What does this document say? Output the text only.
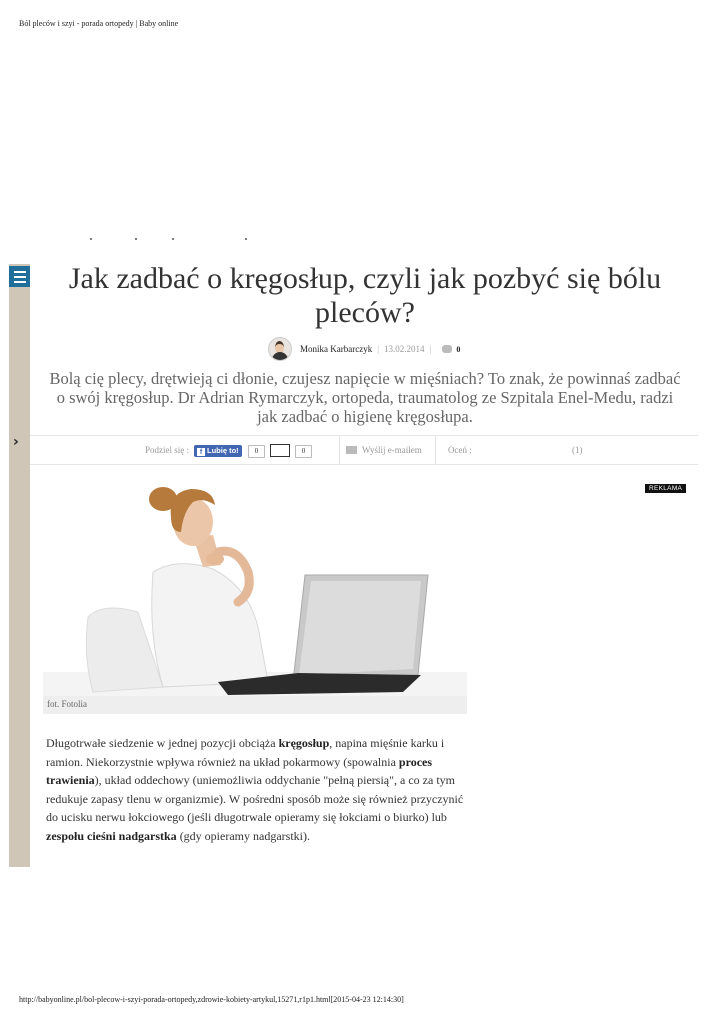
Ból pleców i szyi - porada ortopedy | Baby online
›
Jak zadbać o kręgosłup, czyli jak pozbyć się bólu pleców?
Monika Karbarczyk | 13.02.2014 |	0

Bolą cię plecy, drętwieją ci dłonie, czujesz napięcie w mięśniach? To znak, że powinnaś zadbać o swój kręgosłup. Dr Adrian Rymarczyk, ortopeda, traumatolog ze Szpitala Enel-Medu, radzi jak zadbać o higienę kręgosłupa.

Podziel się :	f Lubię to!	0	0	Wyślij e-mailem	Oceń :	(1)
REKLAMA
fot. Fotolia

Długotrwałe siedzenie w jednej pozycji obciąża kręgosłup, napina mięśnie karku i ramion. Niekorzystnie wpływa również na układ pokarmowy (spowalnia proces trawienia), układ oddechowy (uniemożliwia oddychanie "pełną piersią", a co za tym redukuje zapasy tlenu w organizmie). W pośredni sposób może się również przyczynić do ucisku nerwu łokciowego (jeśli długotrwale opieramy się łokciami o biurko) lub zespołu cieśni nadgarstka (gdy opieramy nadgarstki).

http://babyonline.pl/bol-plecow-i-szyi-porada-ortopedy,zdrowie-kobiety-artykul,15271,r1p1.html[2015-04-23 12:14:30]
